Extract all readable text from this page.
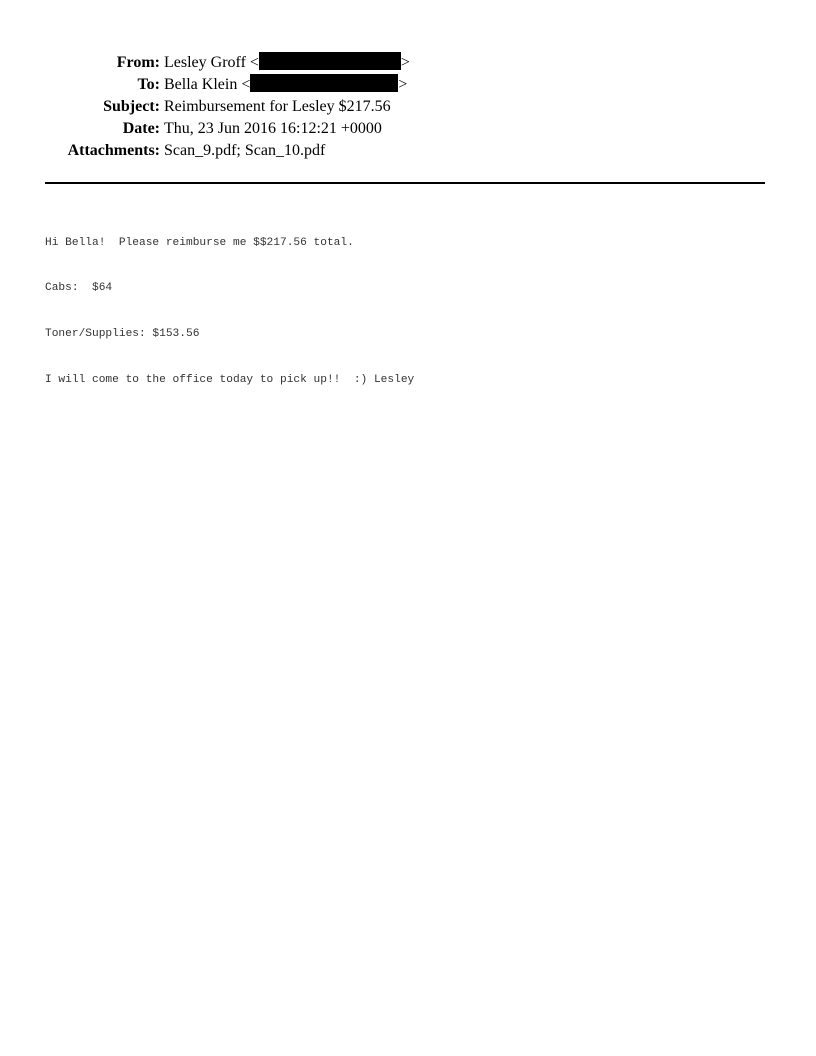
From: Lesley Groff <	>
To: Bella Klein <	>
Subject: Reimbursement for Lesley $217.56
Date: Thu, 23 Jun 2016 16:12:21 +0000
Attachments: Scan_9.pdf; Scan_10.pdf

Hi Bella!  Please reimburse me $$217.56 total.

Cabs:  $64

Toner/Supplies: $153.56

I will come to the office today to pick up!!  :) Lesley
